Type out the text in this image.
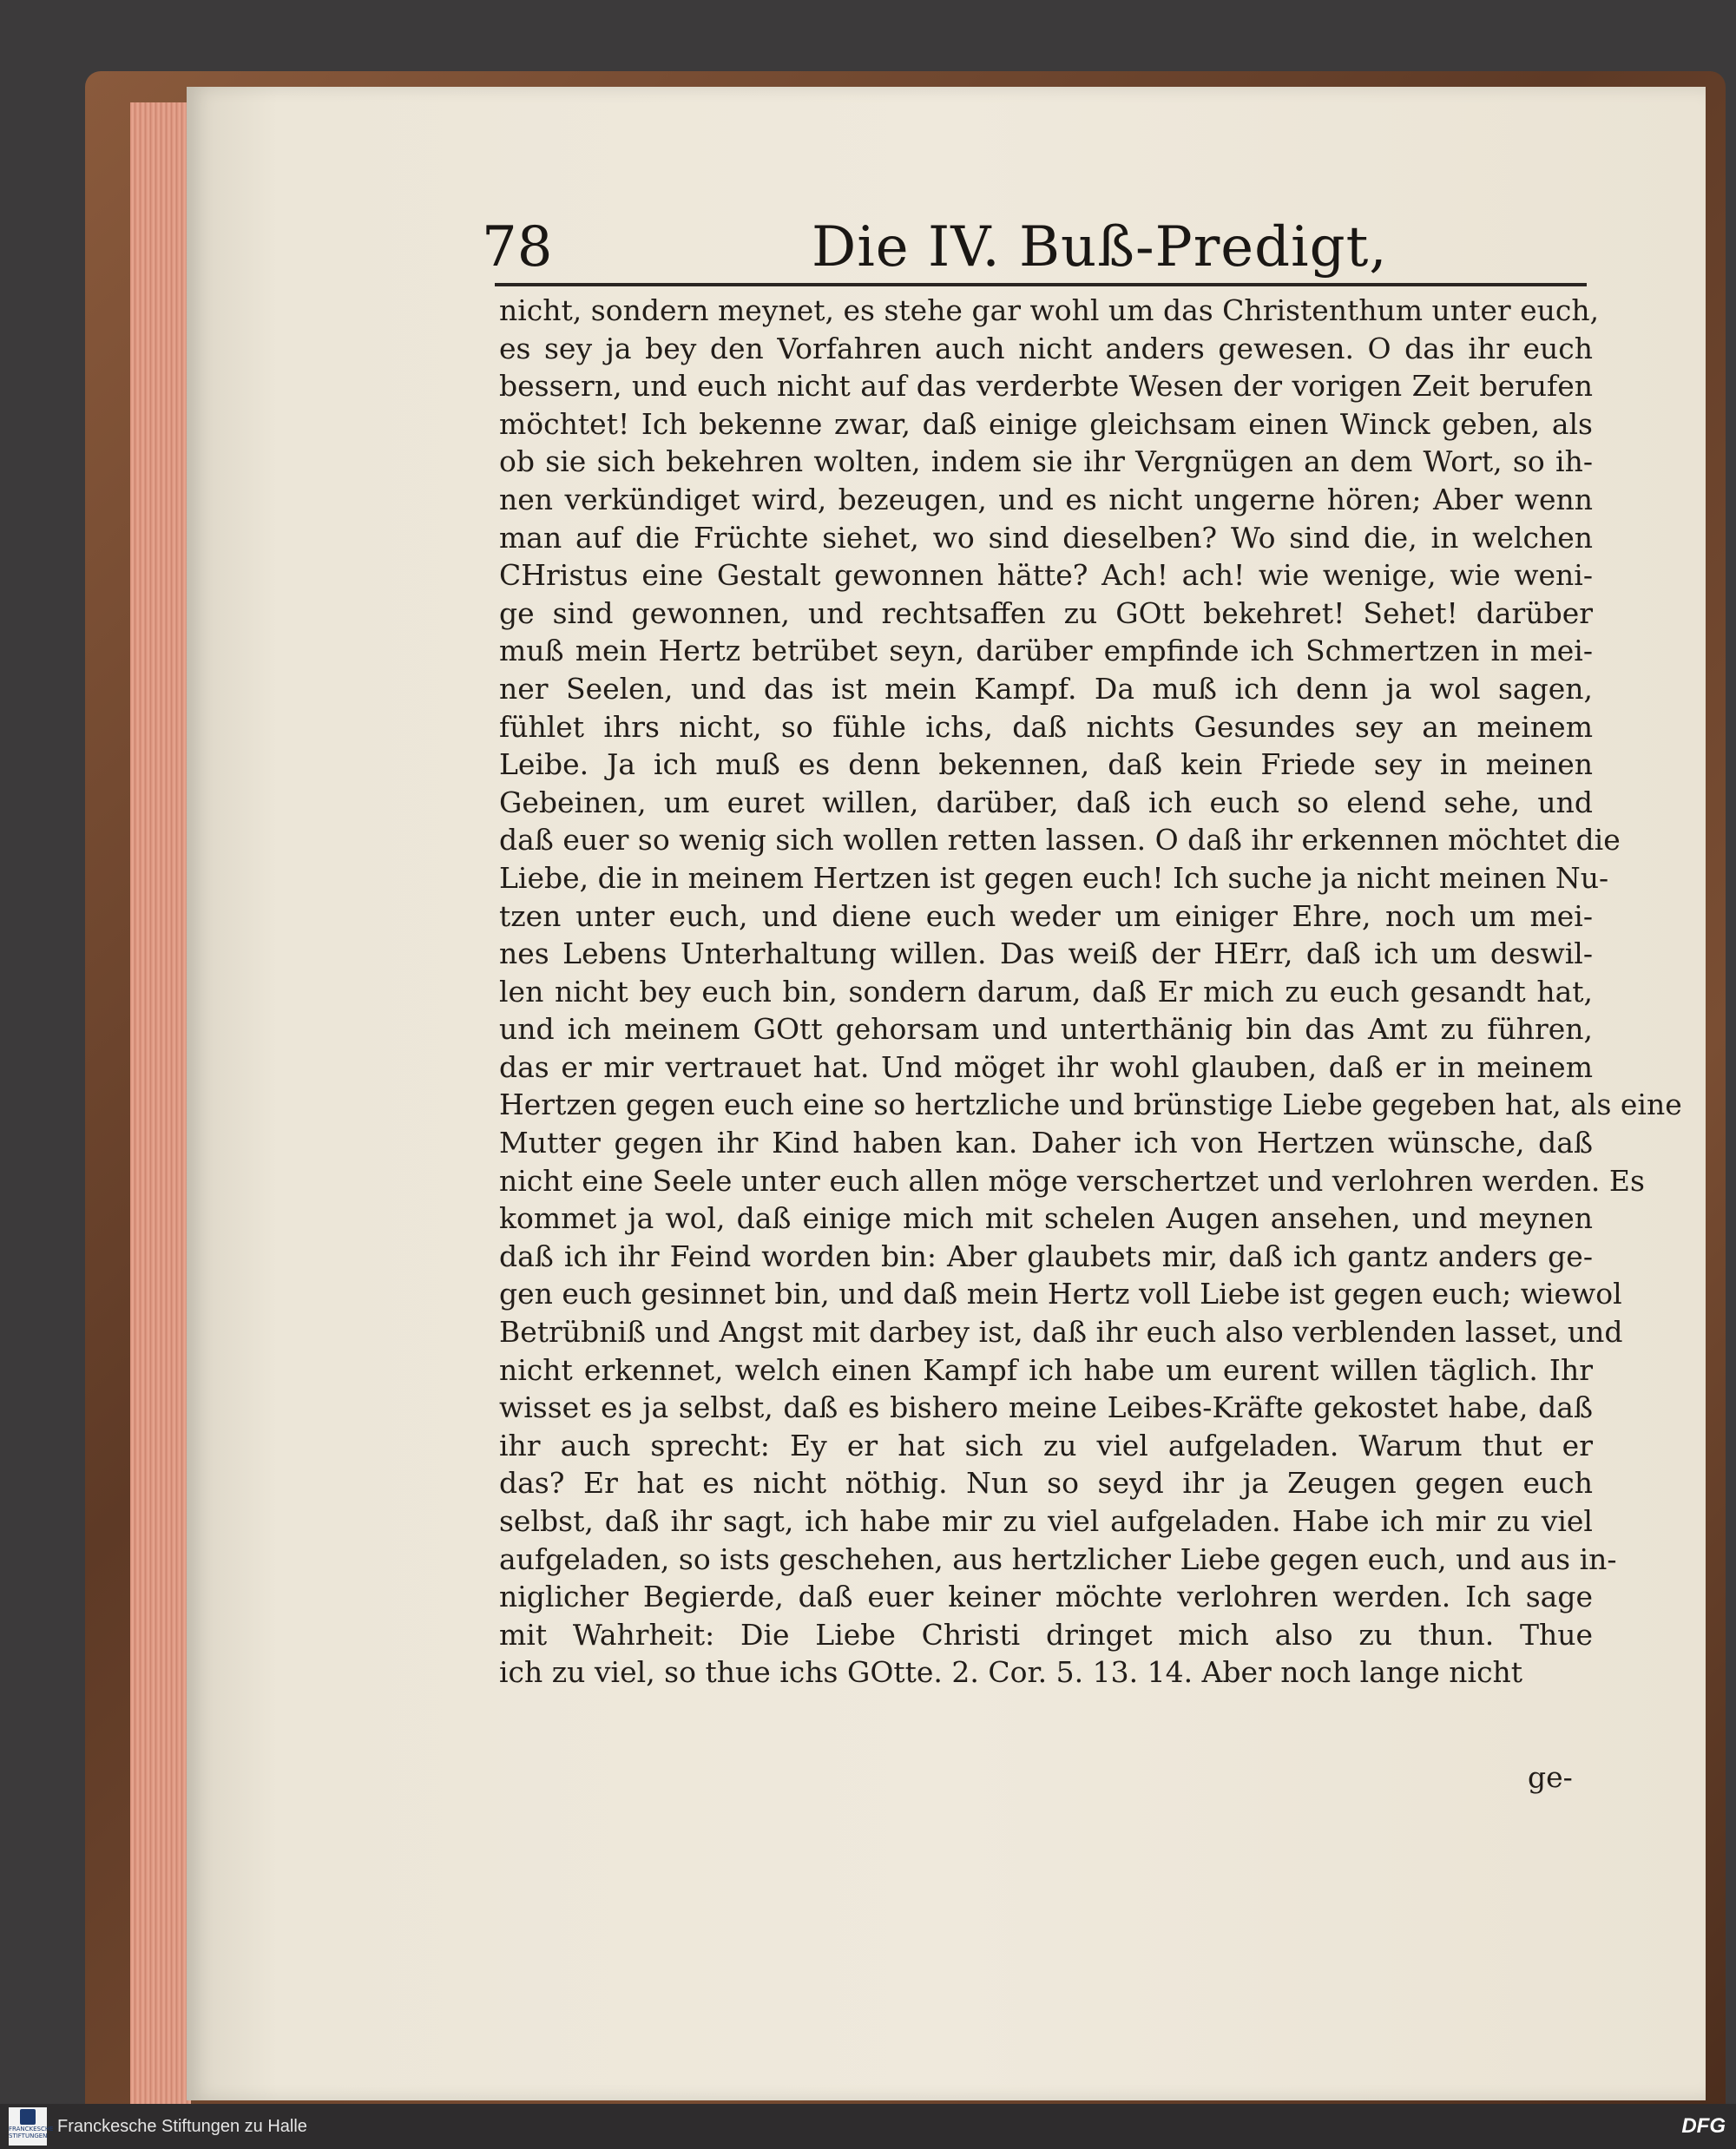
78	Die IV. Buß-Predigt,
nicht, sondern meynet, es stehe gar wohl um das Christenthum unter euch,
es sey ja bey den Vorfahren auch nicht anders gewesen. O das ihr euch
bessern, und euch nicht auf das verderbte Wesen der vorigen Zeit berufen
möchtet! Ich bekenne zwar, daß einige gleichsam einen Winck geben, als
ob sie sich bekehren wolten, indem sie ihr Vergnügen an dem Wort, so ih-
nen verkündiget wird, bezeugen, und es nicht ungerne hören; Aber wenn
man auf die Früchte siehet, wo sind dieselben? Wo sind die, in welchen
CHristus eine Gestalt gewonnen hätte? Ach! ach! wie wenige, wie weni-
ge sind gewonnen, und rechtsaffen zu GOtt bekehret! Sehet! darüber
muß mein Hertz betrübet seyn, darüber empfinde ich Schmertzen in mei-
ner Seelen, und das ist mein Kampf. Da muß ich denn ja wol sagen,
fühlet ihrs nicht, so fühle ichs, daß nichts Gesundes sey an meinem
Leibe. Ja ich muß es denn bekennen, daß kein Friede sey in meinen
Gebeinen, um euret willen, darüber, daß ich euch so elend sehe, und
daß euer so wenig sich wollen retten lassen. O daß ihr erkennen möchtet die
Liebe, die in meinem Hertzen ist gegen euch! Ich suche ja nicht meinen Nu-
tzen unter euch, und diene euch weder um einiger Ehre, noch um mei-
nes Lebens Unterhaltung willen. Das weiß der HErr, daß ich um deswil-
len nicht bey euch bin, sondern darum, daß Er mich zu euch gesandt hat,
und ich meinem GOtt gehorsam und unterthänig bin das Amt zu führen,
das er mir vertrauet hat. Und möget ihr wohl glauben, daß er in meinem
Hertzen gegen euch eine so hertzliche und brünstige Liebe gegeben hat, als eine
Mutter gegen ihr Kind haben kan. Daher ich von Hertzen wünsche, daß
nicht eine Seele unter euch allen möge verschertzet und verlohren werden. Es
kommet ja wol, daß einige mich mit schelen Augen ansehen, und meynen
daß ich ihr Feind worden bin: Aber glaubets mir, daß ich gantz anders ge-
gen euch gesinnet bin, und daß mein Hertz voll Liebe ist gegen euch; wiewol
Betrübniß und Angst mit darbey ist, daß ihr euch also verblenden lasset, und
nicht erkennet, welch einen Kampf ich habe um eurent willen täglich. Ihr
wisset es ja selbst, daß es bishero meine Leibes-Kräfte gekostet habe, daß
ihr auch sprecht: Ey er hat sich zu viel aufgeladen. Warum thut er
das? Er hat es nicht nöthig. Nun so seyd ihr ja Zeugen gegen euch
selbst, daß ihr sagt, ich habe mir zu viel aufgeladen. Habe ich mir zu viel
aufgeladen, so ists geschehen, aus hertzlicher Liebe gegen euch, und aus in-
niglicher Begierde, daß euer keiner möchte verlohren werden. Ich sage
mit Wahrheit: Die Liebe Christi dringet mich also zu thun. Thue
ich zu viel, so thue ichs GOtte. 2. Cor. 5. 13. 14. Aber noch lange nicht
ge-
FRANCKESCHE STIFTUNGEN Franckesche Stiftungen zu Halle	DFG
